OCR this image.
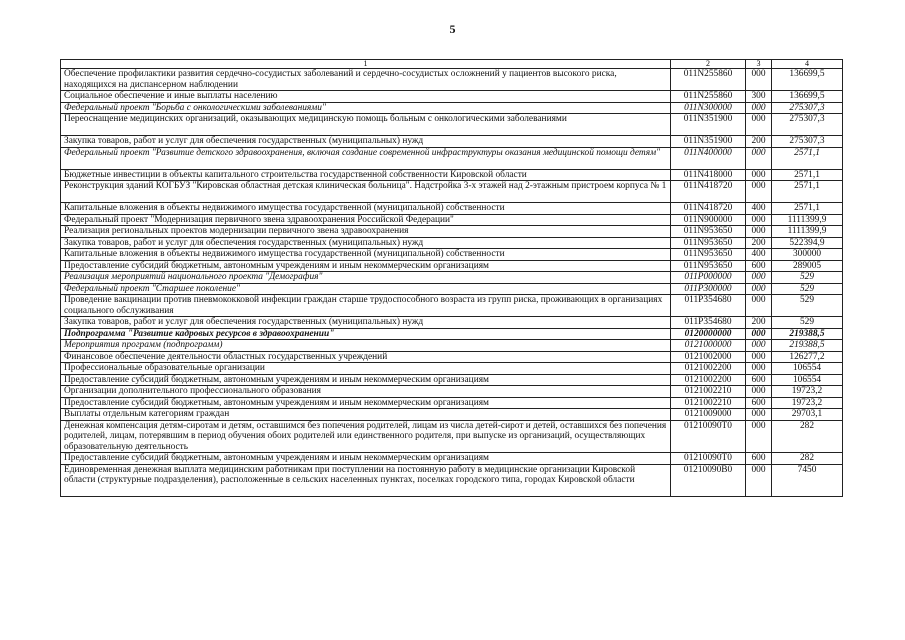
5
1	2	3	4
Обеспечение профилактики развития сердечно-сосудистых заболеваний и сердечно-сосудистых осложнений у пациентов высокого риска, находящихся на диспансерном наблюдении	011N255860	000	136699,5
Социальное обеспечение и иные выплаты населению	011N255860	300	136699,5
Федеральный проект "Борьба с онкологическими заболеваниями"	011N300000	000	275307,3
Переоснащение медицинских организаций, оказывающих медицинскую помощь больным с онкологическими заболеваниями	011N351900	000	275307,3
Закупка товаров, работ и услуг для обеспечения государственных (муниципальных) нужд	011N351900	200	275307,3
Федеральный проект "Развитие детского здравоохранения, включая создание современной инфраструктуры оказания медицинской помощи детям"	011N400000	000	2571,1
Бюджетные инвестиции в объекты капитального строительства государственной собственности Кировской области	011N418000	000	2571,1
Реконструкция зданий КОГБУЗ "Кировская областная детская клиническая больница". Надстройка 3-х этажей над 2-этажным пристроем корпуса № 1	011N418720	000	2571,1
Капитальные вложения в объекты недвижимого имущества государственной (муниципальной) собственности	011N418720	400	2571,1
Федеральный проект "Модернизация первичного звена здравоохранения Российской Федерации"	011N900000	000	1111399,9
Реализация региональных проектов модернизации первичного звена здравоохранения	011N953650	000	1111399,9
Закупка товаров, работ и услуг для обеспечения государственных (муниципальных) нужд	011N953650	200	522394,9
Капитальные вложения в объекты недвижимого имущества государственной (муниципальной) собственности	011N953650	400	300000
Предоставление субсидий бюджетным, автономным учреждениям и иным некоммерческим организациям	011N953650	600	289005
Реализация мероприятий национального проекта "Демография"	011P000000	000	529
Федеральный проект "Старшее поколение"	011P300000	000	529
Проведение вакцинации против пневмококковой инфекции граждан старше трудоспособного возраста из групп риска, проживающих в организациях социального обслуживания	011P354680	000	529
Закупка товаров, работ и услуг для обеспечения государственных (муниципальных) нужд	011P354680	200	529
Подпрограмма "Развитие кадровых ресурсов в здравоохранении"	0120000000	000	219388,5
Мероприятия программ (подпрограмм)	0121000000	000	219388,5
Финансовое обеспечение деятельности областных государственных учреждений	0121002000	000	126277,2
Профессиональные образовательные организации	0121002200	000	106554
Предоставление субсидий бюджетным, автономным учреждениям и иным некоммерческим организациям	0121002200	600	106554
Организации дополнительного профессионального образования	0121002210	000	19723,2
Предоставление субсидий бюджетным, автономным учреждениям и иным некоммерческим организациям	0121002210	600	19723,2
Выплаты отдельным категориям граждан	0121009000	000	29703,1
Денежная компенсация детям-сиротам и детям, оставшимся без попечения родителей, лицам из числа детей-сирот и детей, оставшихся без попечения родителей, лицам, потерявшим в период обучения обоих родителей или единственного родителя, при выпуске из организаций, осуществляющих образовательную деятельность	01210090Т0	000	282
Предоставление субсидий бюджетным, автономным учреждениям и иным некоммерческим организациям	01210090Т0	600	282
Единовременная денежная выплата медицинским работникам при поступлении на постоянную работу в медицинские организации Кировской области (структурные подразделения), расположенные в сельских населенных пунктах, поселках городского типа, городах Кировской области	01210090В0	000	7450
